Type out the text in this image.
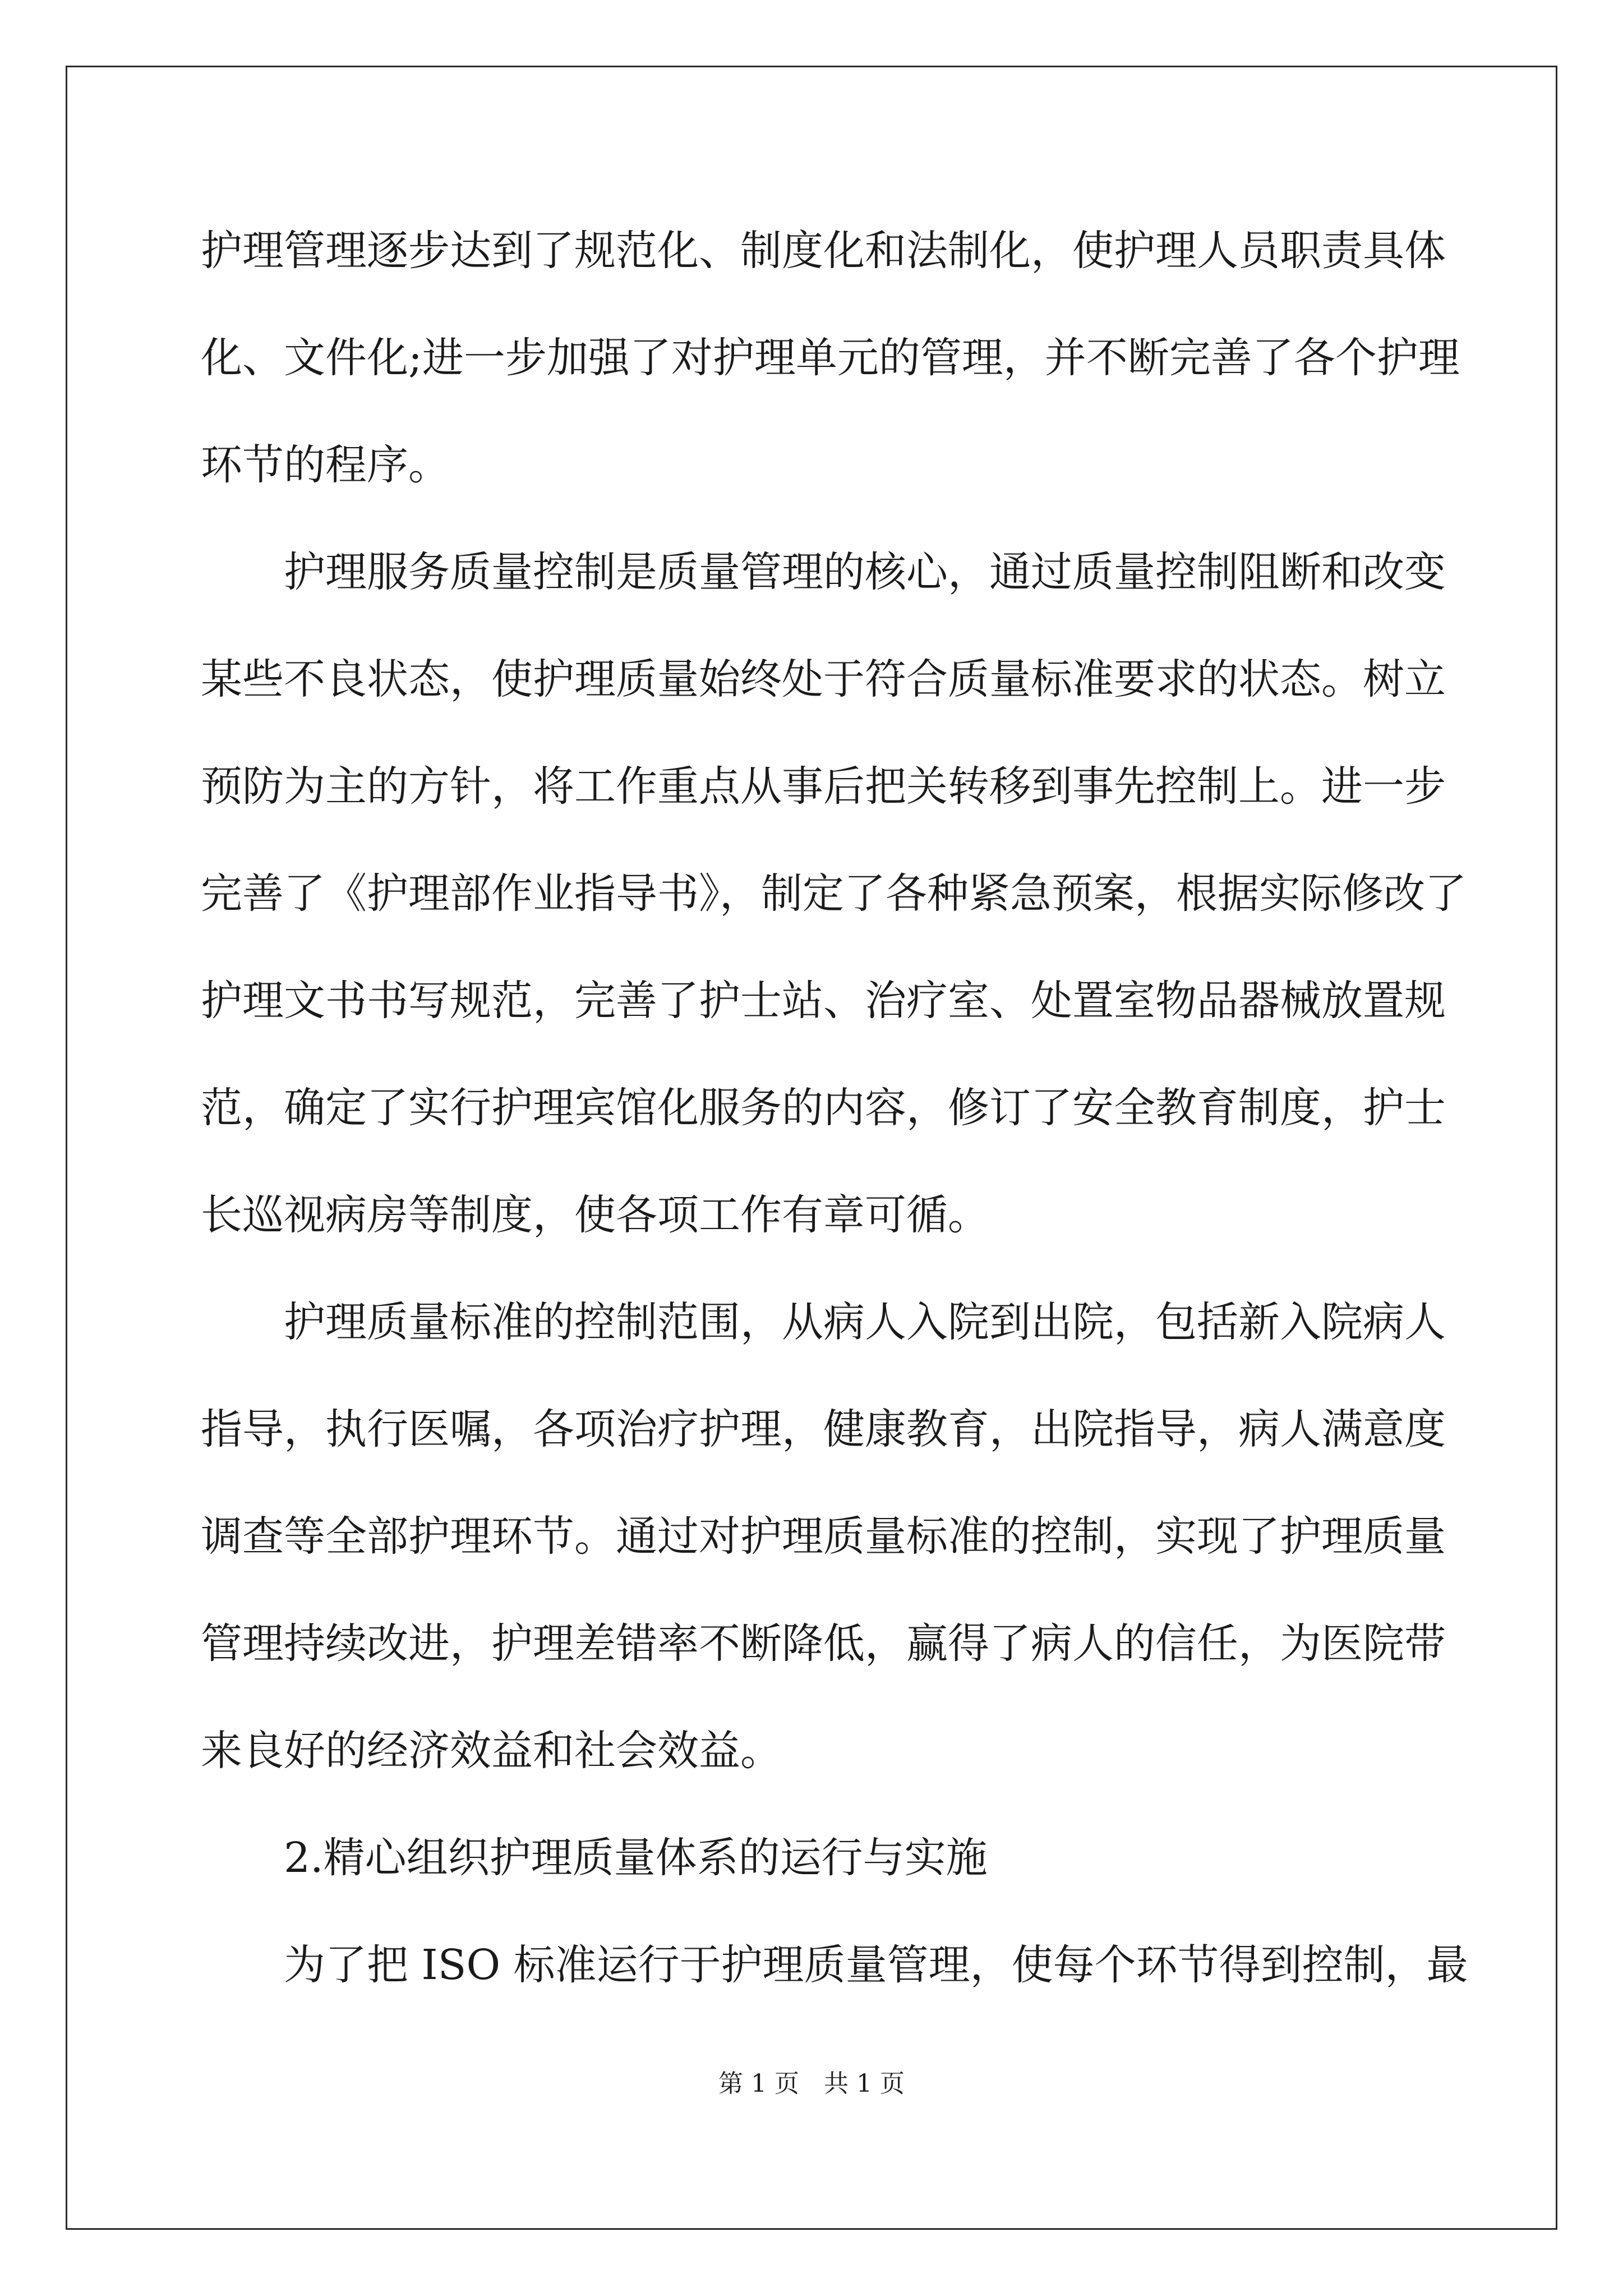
护理管理逐步达到了规范化、制度化和法制化，使护理人员职责具体
化、文件化;进一步加强了对护理单元的管理，并不断完善了各个护理
环节的程序。
　　护理服务质量控制是质量管理的核心，通过质量控制阻断和改变
某些不良状态，使护理质量始终处于符合质量标准要求的状态。树立
预防为主的方针，将工作重点从事后把关转移到事先控制上。进一步
完善了《护理部作业指导书》，制定了各种紧急预案，根据实际修改了
护理文书书写规范，完善了护士站、治疗室、处置室物品器械放置规
范，确定了实行护理宾馆化服务的内容，修订了安全教育制度，护士
长巡视病房等制度，使各项工作有章可循。
　　护理质量标准的控制范围，从病人入院到出院，包括新入院病人
指导，执行医嘱，各项治疗护理，健康教育，出院指导，病人满意度
调查等全部护理环节。通过对护理质量标准的控制，实现了护理质量
管理持续改进，护理差错率不断降低，赢得了病人的信任，为医院带
来良好的经济效益和社会效益。
　　2.精心组织护理质量体系的运行与实施
　　为了把 ISO 标准运行于护理质量管理，使每个环节得到控制，最
第 1 页　共 1 页
